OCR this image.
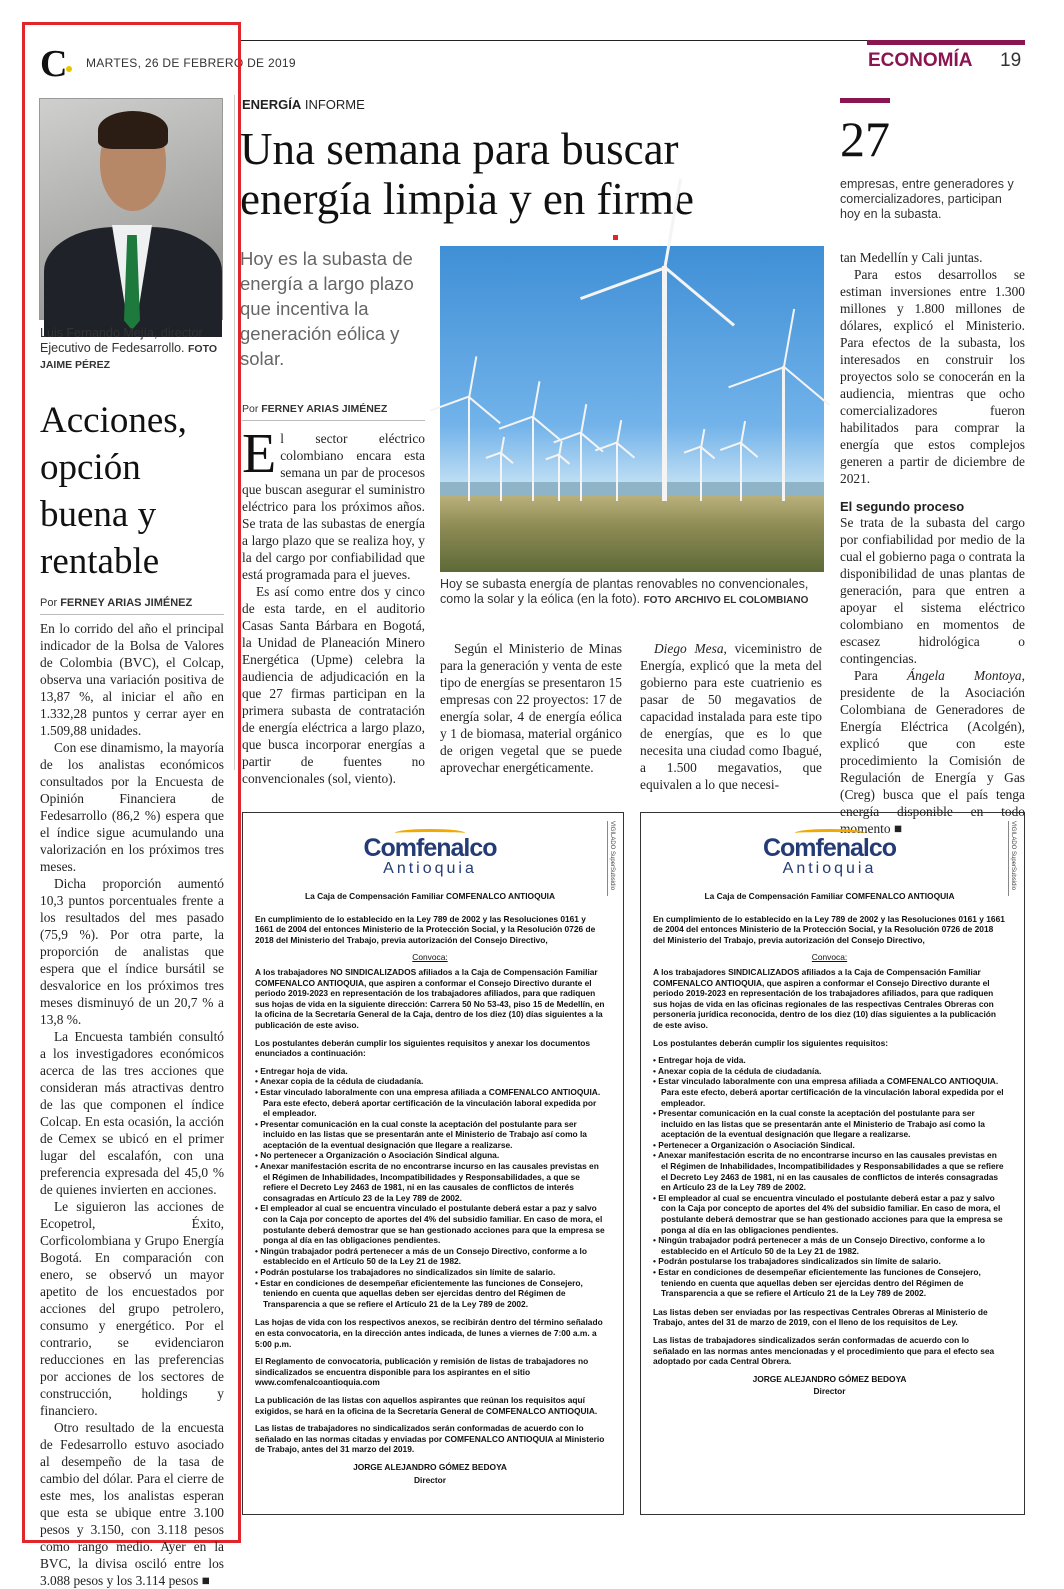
C MARTES, 26 DE FEBRERO DE 2019	ECONOMÍA 19
Luis Fernando Mejía, director Ejecutivo de Fedesarrollo. FOTO
JAIME PÉREZ
Acciones, opción buena y rentable
Por FERNEY ARIAS JIMÉNEZ

En lo corrido del año el principal indicador de la Bolsa de Valores de Colombia (BVC), el Colcap, observa una variación positiva de 13,87 %, al iniciar el año en 1.332,28 puntos y cerrar ayer en 1.509,88 unidades.

Con ese dinamismo, la mayoría de los analistas económicos consultados por la Encuesta de Opinión Financiera de Fedesarrollo (86,2 %) espera que el índice sigue acumulando una valorización en los próximos tres meses.

Dicha proporción aumentó 10,3 puntos porcentuales frente a los resultados del mes pasado (75,9 %). Por otra parte, la proporción de analistas que espera que el índice bursátil se desvalorice en los próximos tres meses disminuyó de un 20,7 % a 13,8 %.

La Encuesta también consultó a los investigadores económicos acerca de las tres acciones que consideran más atractivas dentro de las que componen el índice Colcap. En esta ocasión, la acción de Cemex se ubicó en el primer lugar del escalafón, con una preferencia expresada del 45,0 % de quienes invierten en acciones.

Le siguieron las acciones de Ecopetrol, Éxito, Corficolombiana y Grupo Energía Bogotá. En comparación con enero, se observó un mayor apetito de los encuestados por acciones del grupo petrolero, consumo y energético. Por el contrario, se evidenciaron reducciones en las preferencias por acciones de los sectores de construcción, holdings y financiero.

Otro resultado de la encuesta de Fedesarrollo estuvo asociado al desempeño de la tasa de cambio del dólar. Para el cierre de este mes, los analistas esperan que esta se ubique entre 3.100 pesos y 3.150, con 3.118 pesos como rango medio. Ayer en la BVC, la divisa osciló entre los 3.088 pesos y los 3.114 pesos ■

ENERGÍA INFORME
Una semana para buscar energía limpia y en firme
Hoy es la subasta de energía a largo plazo que incentiva la generación eólica y solar.
Por FERNEY ARIAS JIMÉNEZ

El sector eléctrico colombiano encara esta semana un par de procesos que buscan asegurar el suministro eléctrico para los próximos años. Se trata de las subastas de energía a largo plazo que se realiza hoy, y la del cargo por confiabilidad que está programada para el jueves.

Es así como entre dos y cinco de esta tarde, en el auditorio Casas Santa Bárbara en Bogotá, la Unidad de Planeación Minero Energética (Upme) celebra la audiencia de adjudicación en la que 27 firmas participan en la primera subasta de contratación de energía eléctrica a largo plazo, que busca incorporar energías a partir de fuentes no convencionales (sol, viento).

Hoy se subasta energía de plantas renovables no convencionales, como la solar y la eólica (en la foto). FOTO ARCHIVO EL COLOMBIANO

Según el Ministerio de Minas para la generación y venta de este tipo de energías se presentaron 15 empresas con 22 proyectos: 17 de energía solar, 4 de energía eólica y 1 de biomasa, material orgánico de origen vegetal que se puede aprovechar energéticamente.

Diego Mesa, viceministro de Energía, explicó que la meta del gobierno para este cuatrienio es pasar de 50 megavatios de capacidad instalada para este tipo de energías, que es lo que necesita una ciudad como Ibagué, a 1.500 megavatios, que equivalen a lo que necesi-

27
empresas, entre generadores y comercializadores, participan hoy en la subasta.

tan Medellín y Cali juntas.

Para estos desarrollos se estiman inversiones entre 1.300 millones y 1.800 millones de dólares, explicó el Ministerio. Para efectos de la subasta, los interesados en construir los proyectos solo se conocerán en la audiencia, mientras que ocho comercializadores fueron habilitados para comprar la energía que estos complejos generen a partir de diciembre de 2021.

El segundo proceso

Se trata de la subasta del cargo por confiabilidad por medio de la cual el gobierno paga o contrata la disponibilidad de unas plantas de generación, para que entren a apoyar el sistema eléctrico colombiano en momentos de escasez hidrológica o contingencias.

Para Ángela Montoya, presidente de la Asociación Colombiana de Generadores de Energía Eléctrica (Acolgén), explicó que con este procedimiento la Comisión de Regulación de Energía y Gas (Creg) busca que el país tenga energía disponible en todo momento ■

VIGILADO SuperSubsidio
Comfenalco
Antioquia
La Caja de Compensación Familiar COMFENALCO ANTIOQUIA

En cumplimiento de lo establecido en la Ley 789 de 2002 y las Resoluciones 0161 y 1661 de 2004 del entonces Ministerio de la Protección Social, y la Resolución 0726 de 2018 del Ministerio del Trabajo, previa autorización del Consejo Directivo,

Convoca:

A los trabajadores NO SINDICALIZADOS afiliados a la Caja de Compensación Familiar COMFENALCO ANTIOQUIA, que aspiren a conformar el Consejo Directivo durante el periodo 2019-2023 en representación de los trabajadores afiliados, para que radiquen sus hojas de vida en la siguiente dirección: Carrera 50 No 53-43, piso 15 de Medellín, en la oficina de la Secretaría General de la Caja, dentro de los diez (10) días siguientes a la publicación de este aviso.

Los postulantes deberán cumplir los siguientes requisitos y anexar los documentos enunciados a continuación:

• Entregar hoja de vida.
• Anexar copia de la cédula de ciudadanía.
• Estar vinculado laboralmente con una empresa afiliada a COMFENALCO ANTIOQUIA. Para este efecto, deberá aportar certificación de la vinculación laboral expedida por el empleador.
• Presentar comunicación en la cual conste la aceptación del postulante para ser incluido en las listas que se presentarán ante el Ministerio de Trabajo así como la aceptación de la eventual designación que llegare a realizarse.
• No pertenecer a Organización o Asociación Sindical alguna.
• Anexar manifestación escrita de no encontrarse incurso en las causales previstas en el Régimen de Inhabilidades, Incompatibilidades y Responsabilidades, a que se refiere el Decreto Ley 2463 de 1981, ni en las causales de conflictos de interés consagradas en Artículo 23 de la Ley 789 de 2002.
• El empleador al cual se encuentra vinculado el postulante deberá estar a paz y salvo con la Caja por concepto de aportes del 4% del subsidio familiar. En caso de mora, el postulante deberá demostrar que se han gestionado acciones para que la empresa se ponga al día en las obligaciones pendientes.
• Ningún trabajador podrá pertenecer a más de un Consejo Directivo, conforme a lo establecido en el Artículo 50 de la Ley 21 de 1982.
• Podrán postularse los trabajadores no sindicalizados sin límite de salario.
• Estar en condiciones de desempeñar eficientemente las funciones de Consejero, teniendo en cuenta que aquellas deben ser ejercidas dentro del Régimen de Transparencia a que se refiere el Artículo 21 de la Ley 789 de 2002.

Las hojas de vida con los respectivos anexos, se recibirán dentro del término señalado en esta convocatoria, en la dirección antes indicada, de lunes a viernes de 7:00 a.m. a 5:00 p.m.

El Reglamento de convocatoria, publicación y remisión de listas de trabajadores no sindicalizados se encuentra disponible para los aspirantes en el sitio www.comfenalcoantioquia.com

La publicación de las listas con aquellos aspirantes que reúnan los requisitos aquí exigidos, se hará en la oficina de la Secretaría General de COMFENALCO ANTIOQUIA.

Las listas de trabajadores no sindicalizados serán conformadas de acuerdo con lo señalado en las normas citadas y enviadas por COMFENALCO ANTIOQUIA al Ministerio de Trabajo, antes del 31 marzo del 2019.

JORGE ALEJANDRO GÓMEZ BEDOYA
Director
VIGILADO SuperSubsidio
Comfenalco
Antioquia
La Caja de Compensación Familiar COMFENALCO ANTIOQUIA

En cumplimiento de lo establecido en la Ley 789 de 2002 y las Resoluciones 0161 y 1661 de 2004 del entonces Ministerio de la Protección Social, y la Resolución 0726 de 2018 del Ministerio del Trabajo, previa autorización del Consejo Directivo,

Convoca:

A los trabajadores SINDICALIZADOS afiliados a la Caja de Compensación Familiar COMFENALCO ANTIOQUIA, que aspiren a conformar el Consejo Directivo durante el periodo 2019-2023 en representación de los trabajadores afiliados, para que radiquen sus hojas de vida en las oficinas regionales de las respectivas Centrales Obreras con personería jurídica reconocida, dentro de los diez (10) días siguientes a la publicación de este aviso.

Los postulantes deberán cumplir los siguientes requisitos:

• Entregar hoja de vida.
• Anexar copia de la cédula de ciudadanía.
• Estar vinculado laboralmente con una empresa afiliada a COMFENALCO ANTIOQUIA. Para este efecto, deberá aportar certificación de la vinculación laboral expedida por el empleador.
• Presentar comunicación en la cual conste la aceptación del postulante para ser incluido en las listas que se presentarán ante el Ministerio de Trabajo así como la aceptación de la eventual designación que llegare a realizarse.
• Pertenecer a Organización o Asociación Sindical.
• Anexar manifestación escrita de no encontrarse incurso en las causales previstas en el Régimen de Inhabilidades, Incompatibilidades y Responsabilidades a que se refiere el Decreto Ley 2463 de 1981, ni en las causales de conflictos de interés consagradas en Artículo 23 de la Ley 789 de 2002.
• El empleador al cual se encuentra vinculado el postulante deberá estar a paz y salvo con la Caja por concepto de aportes del 4% del subsidio familiar. En caso de mora, el postulante deberá demostrar que se han gestionado acciones para que la empresa se ponga al día en las obligaciones pendientes.
• Ningún trabajador podrá pertenecer a más de un Consejo Directivo, conforme a lo establecido en el Artículo 50 de la Ley 21 de 1982.
• Podrán postularse los trabajadores sindicalizados sin límite de salario.
• Estar en condiciones de desempeñar eficientemente las funciones de Consejero, teniendo en cuenta que aquellas deben ser ejercidas dentro del Régimen de Transparencia a que se refiere el Artículo 21 de la Ley 789 de 2002.

Las listas deben ser enviadas por las respectivas Centrales Obreras al Ministerio de Trabajo, antes del 31 de marzo de 2019, con el lleno de los requisitos de Ley.

Las listas de trabajadores sindicalizados serán conformadas de acuerdo con lo señalado en las normas antes mencionadas y el procedimiento que para el efecto sea adoptado por cada Central Obrera.

JORGE ALEJANDRO GÓMEZ BEDOYA
Director
